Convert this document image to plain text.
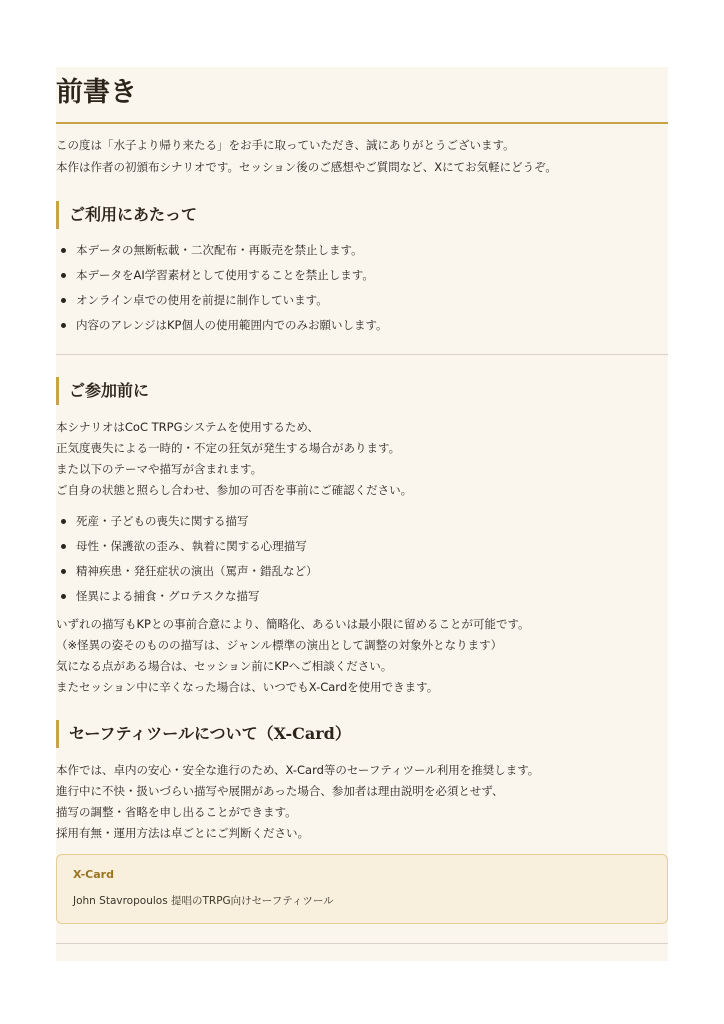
前書き

この度は「水子より帰り来たる」をお手に取っていただき、誠にありがとうございます。

本作は作者の初頒布シナリオです。セッション後のご感想やご質問など、Xにてお気軽にどうぞ。

ご利用にあたって
本データの無断転載・二次配布・再販売を禁止します。
本データをAI学習素材として使用することを禁止します。
オンライン卓での使用を前提に制作しています。
内容のアレンジはKP個人の使用範囲内でのみお願いします。
ご参加前に

本シナリオはCoC TRPGシステムを使用するため、

正気度喪失による一時的・不定の狂気が発生する場合があります。

また以下のテーマや描写が含まれます。

ご自身の状態と照らし合わせ、参加の可否を事前にご確認ください。

死産・子どもの喪失に関する描写
母性・保護欲の歪み、執着に関する心理描写
精神疾患・発狂症状の演出（罵声・錯乱など）
怪異による捕食・グロテスクな描写

いずれの描写もKPとの事前合意により、簡略化、あるいは最小限に留めることが可能です。

（※怪異の姿そのものの描写は、ジャンル標準の演出として調整の対象外となります）

気になる点がある場合は、セッション前にKPへご相談ください。

またセッション中に辛くなった場合は、いつでもX-Cardを使用できます。

セーフティツールについて（X-Card）

本作では、卓内の安心・安全な進行のため、X-Card等のセーフティツール利用を推奨します。

進行中に不快・扱いづらい描写や展開があった場合、参加者は理由説明を必須とせず、

描写の調整・省略を申し出ることができます。

採用有無・運用方法は卓ごとにご判断ください。

X-Card
John Stavropoulos 提唱のTRPG向けセーフティツール
